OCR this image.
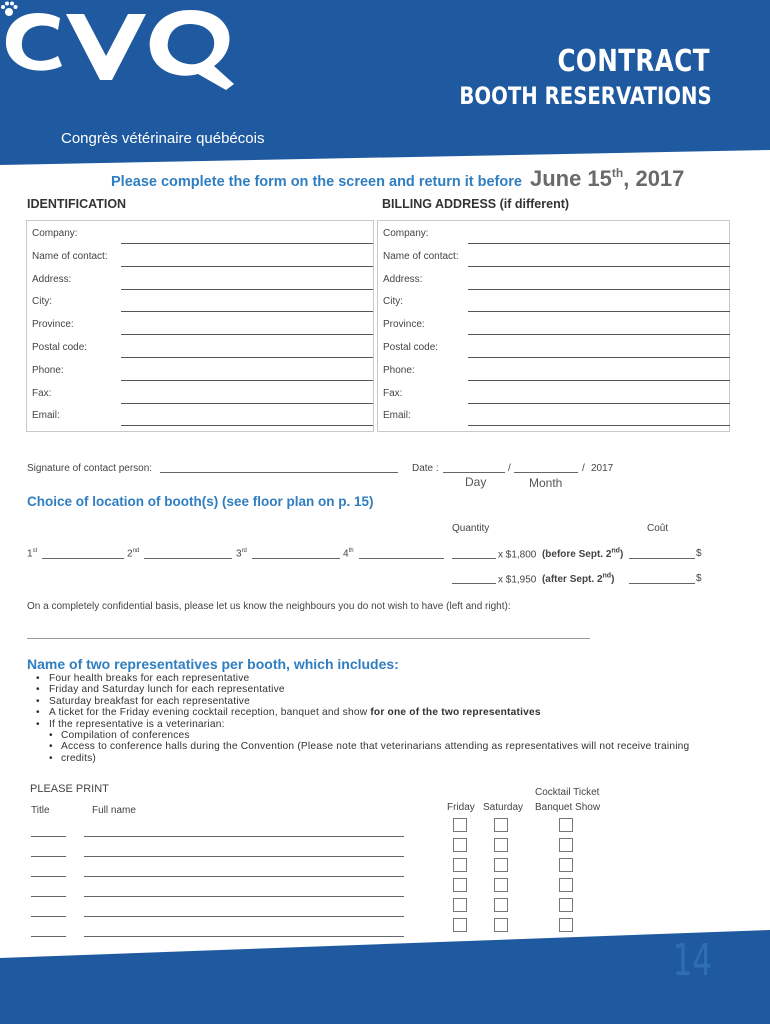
Congrès vétérinaire québécois
CONTRACT
BOOTH RESERVATIONS
Please complete the form on the screen and return it before June 15th, 2017
IDENTIFICATION	BILLING ADDRESS (if different)
Company:
Name of contact:
Address:
City:
Province:
Postal code:
Phone:
Fax:
Email:
Company:
Name of contact:
Address:
City:
Province:
Postal code:
Phone:
Fax:
Email:
Signature of contact person:	Date :	/	/ 2017
Day	Month
Choice of location of booth(s) (see floor plan on p. 15)
Quantity	Coût
1st	2nd	3rd	4th	x $1,800 (before Sept. 2nd)	$
x $1,950 (after Sept. 2nd)	$
On a completely confidential basis, please let us know the neighbours you do not wish to have (left and right):
Name of two representatives per booth, which includes:
• Four health breaks for each representative
• Friday and Saturday lunch for each representative
• Saturday breakfast for each representative
• A ticket for the Friday evening cocktail reception, banquet and show for one of the two representatives
• If the representative is a veterinarian:
• Compilation of conferences
• Access to conference halls during the Convention (Please note that veterinarians attending as representatives will not receive training
• credits)
PLEASE PRINT
Title	Full name	Friday Saturday
Cocktail Ticket
Banquet Show
14
